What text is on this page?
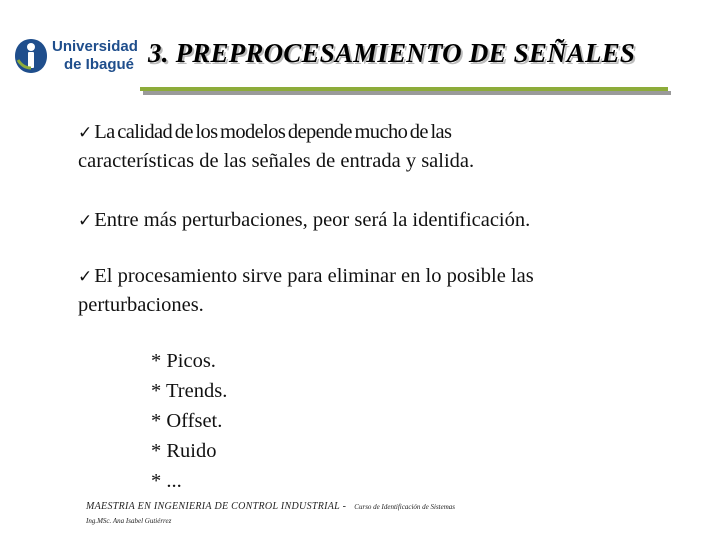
Universidad
de Ibagué 3. PREPROCESAMIENTO DE SEÑALES
✓La calidad de los modelos depende mucho de las
características de las señales de entrada y salida.
✓Entre más perturbaciones, peor será la identificación.
✓El procesamiento sirve para eliminar en lo posible las
perturbaciones.
* Picos.
* Trends.
* Offset.
* Ruido
* ...
MAESTRIA EN INGENIERIA DE CONTROL INDUSTRIAL - Curso de Identificación de Sistemas
Ing.MSc. Ana Isabel Gutiérrez
